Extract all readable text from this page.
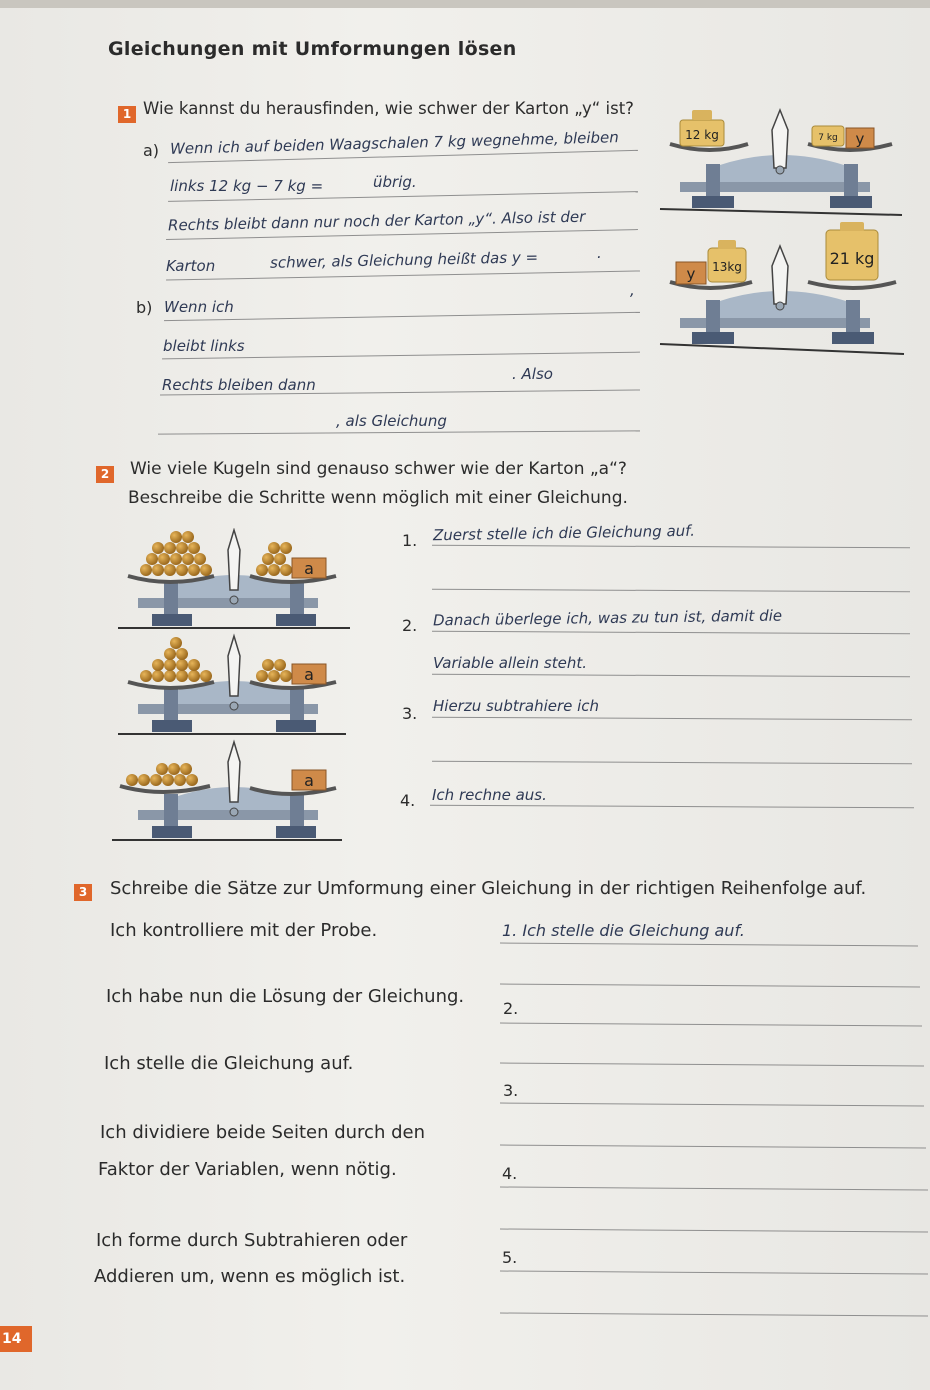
Gleichungen mit Umformungen lösen
1 Wie kannst du herausfinden, wie schwer der Karton „y“ ist?
a) Wenn ich auf beiden Waagschalen 7 kg wegnehme, bleiben
links 12 kg − 7 kg =	übrig.
Rechts bleibt dann nur noch der Karton „y“. Also ist der
Karton	schwer, als Gleichung heißt das y =	.
b) Wenn ich
,
bleibt links
Rechts bleiben dann
. Also
, als Gleichung
12 kg	7 kg y
y 13kg	21 kg
2 Wie viele Kugeln sind genauso schwer wie der Karton „a“?
Beschreibe die Schritte wenn möglich mit einer Gleichung.
1. Zuerst stelle ich die Gleichung auf.
2. Danach überlege ich, was zu tun ist, damit die
Variable allein steht.
3. Hierzu subtrahiere ich
4. Ich rechne aus.
a
a
a
3 Schreibe die Sätze zur Umformung einer Gleichung in der richtigen Reihenfolge auf.
Ich kontrolliere mit der Probe.
Ich habe nun die Lösung der Gleichung.
Ich stelle die Gleichung auf.
Ich dividiere beide Seiten durch den
Faktor der Variablen, wenn nötig.
Ich forme durch Subtrahieren oder
Addieren um, wenn es möglich ist.
1. Ich stelle die Gleichung auf.
2.
3.
4.
5.
14
